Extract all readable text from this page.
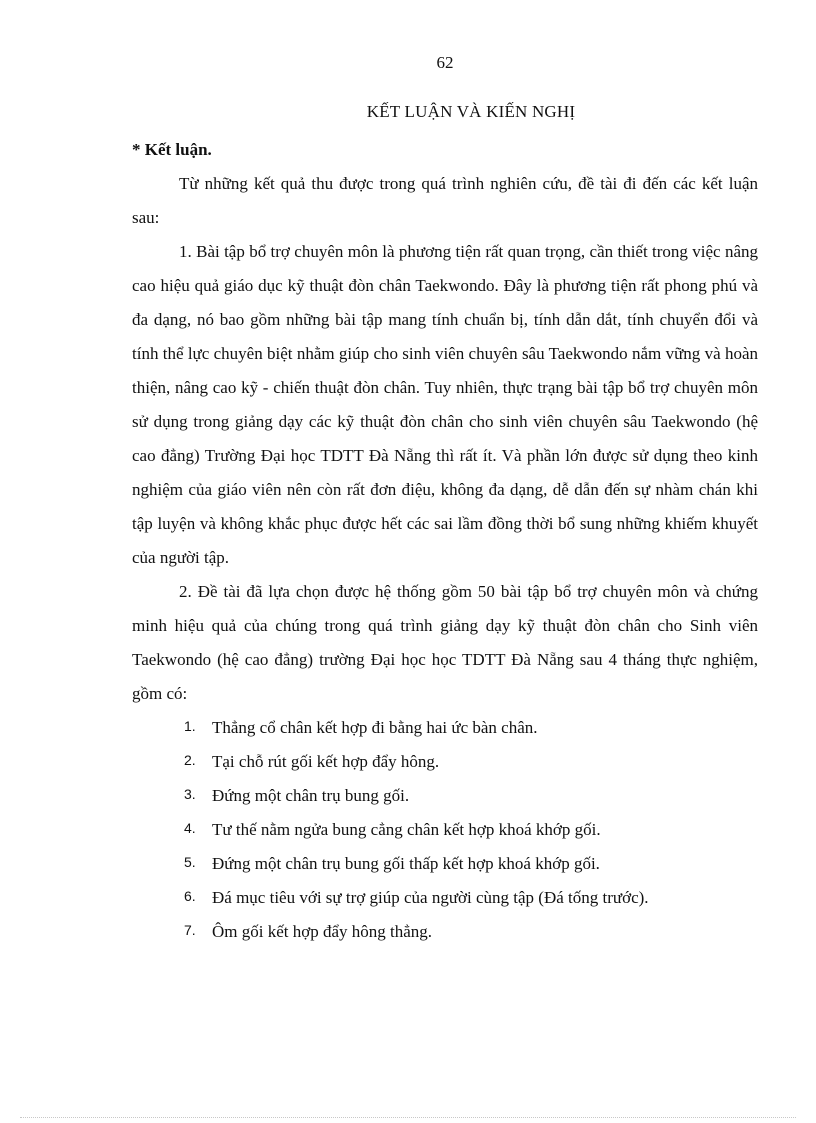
62
KẾT LUẬN VÀ KIẾN NGHỊ

* Kết luận.

Từ những kết quả thu được trong quá trình nghiên cứu, đề tài đi đến các kết luận sau:

1. Bài tập bổ trợ chuyên môn là phương tiện rất quan trọng, cần thiết trong việc nâng cao hiệu quả giáo dục kỹ thuật đòn chân Taekwondo. Đây là phương tiện rất phong phú và đa dạng, nó bao gồm những bài tập mang tính chuẩn bị, tính dẫn dắt, tính chuyển đổi và tính thể lực chuyên biệt nhằm giúp cho sinh viên chuyên sâu Taekwondo nắm vững và hoàn thiện, nâng cao kỹ - chiến thuật đòn chân. Tuy nhiên, thực trạng bài tập bổ trợ chuyên môn sử dụng trong giảng dạy các kỹ thuật đòn chân cho sinh viên chuyên sâu Taekwondo (hệ cao đẳng) Trường Đại học TDTT Đà Nẵng thì rất ít. Và phần lớn được sử dụng theo kinh nghiệm của giáo viên nên còn rất đơn điệu, không đa dạng, dễ dẫn đến sự nhàm chán khi tập luyện và không khắc phục được hết các sai lầm đồng thời bổ sung những khiếm khuyết của người tập.

2. Đề tài đã lựa chọn được hệ thống gồm 50 bài tập bổ trợ chuyên môn và chứng minh hiệu quả của chúng trong quá trình giảng dạy kỹ thuật đòn chân cho Sinh viên Taekwondo (hệ cao đẳng) trường Đại học học TDTT Đà Nẵng sau 4 tháng thực nghiệm, gồm có:

1. Thẳng cổ chân kết hợp đi bằng hai ức bàn chân.
2. Tại chỗ rút gối kết hợp đẩy hông.
3. Đứng một chân trụ bung gối.
4. Tư thế nằm ngửa bung cẳng chân kết hợp khoá khớp gối.
5. Đứng một chân trụ bung gối thấp kết hợp khoá khớp gối.
6. Đá mục tiêu với sự trợ giúp của người cùng tập (Đá tống trước).
7. Ôm gối kết hợp đẩy hông thẳng.
